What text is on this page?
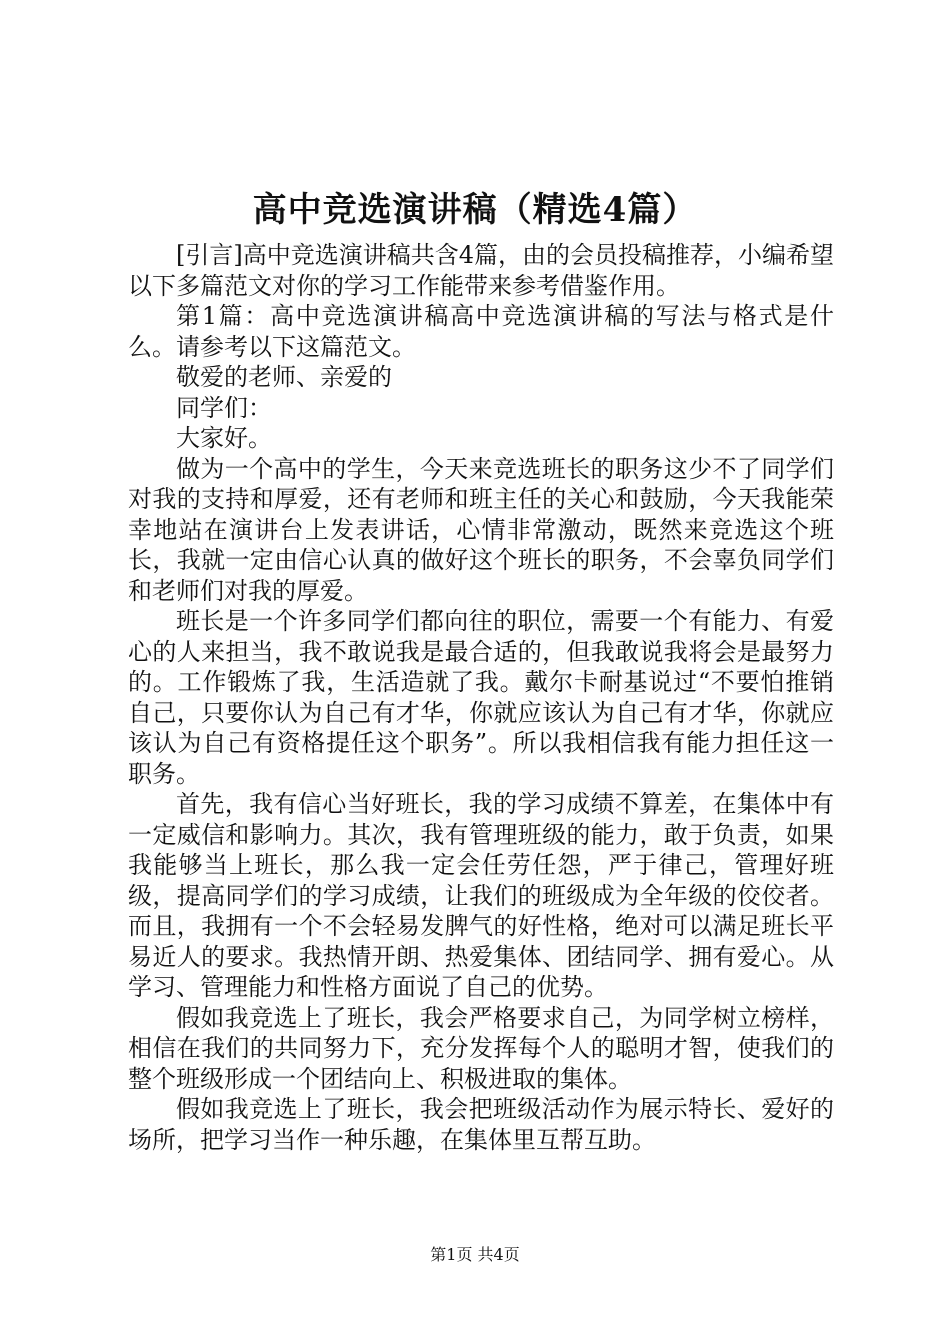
高中竞选演讲稿（精选4篇）

[引言]高中竞选演讲稿共含4篇，由的会员投稿推荐，小编希望以下多篇范文对你的学习工作能带来参考借鉴作用。

第1篇：高中竞选演讲稿高中竞选演讲稿的写法与格式是什么。请参考以下这篇范文。

敬爱的老师、亲爱的

同学们：

大家好。

做为一个高中的学生，今天来竞选班长的职务这少不了同学们对我的支持和厚爱，还有老师和班主任的关心和鼓励，今天我能荣幸地站在演讲台上发表讲话，心情非常激动，既然来竞选这个班长，我就一定由信心认真的做好这个班长的职务，不会辜负同学们和老师们对我的厚爱。

班长是一个许多同学们都向往的职位，需要一个有能力、有爱心的人来担当，我不敢说我是最合适的，但我敢说我将会是最努力的。工作锻炼了我，生活造就了我。戴尔卡耐基说过“不要怕推销自己，只要你认为自己有才华，你就应该认为自己有才华，你就应该认为自己有资格提任这个职务”。所以我相信我有能力担任这一职务。

首先，我有信心当好班长，我的学习成绩不算差，在集体中有一定威信和影响力。其次，我有管理班级的能力，敢于负责，如果我能够当上班长，那么我一定会任劳任怨，严于律己，管理好班级，提高同学们的学习成绩，让我们的班级成为全年级的佼佼者。而且，我拥有一个不会轻易发脾气的好性格，绝对可以满足班长平易近人的要求。我热情开朗、热爱集体、团结同学、拥有爱心。从学习、管理能力和性格方面说了自己的优势。

假如我竞选上了班长，我会严格要求自己，为同学树立榜样，相信在我们的共同努力下，充分发挥每个人的聪明才智，使我们的整个班级形成一个团结向上、积极进取的集体。

假如我竞选上了班长，我会把班级活动作为展示特长、爱好的场所，把学习当作一种乐趣，在集体里互帮互助。

第1页 共4页
